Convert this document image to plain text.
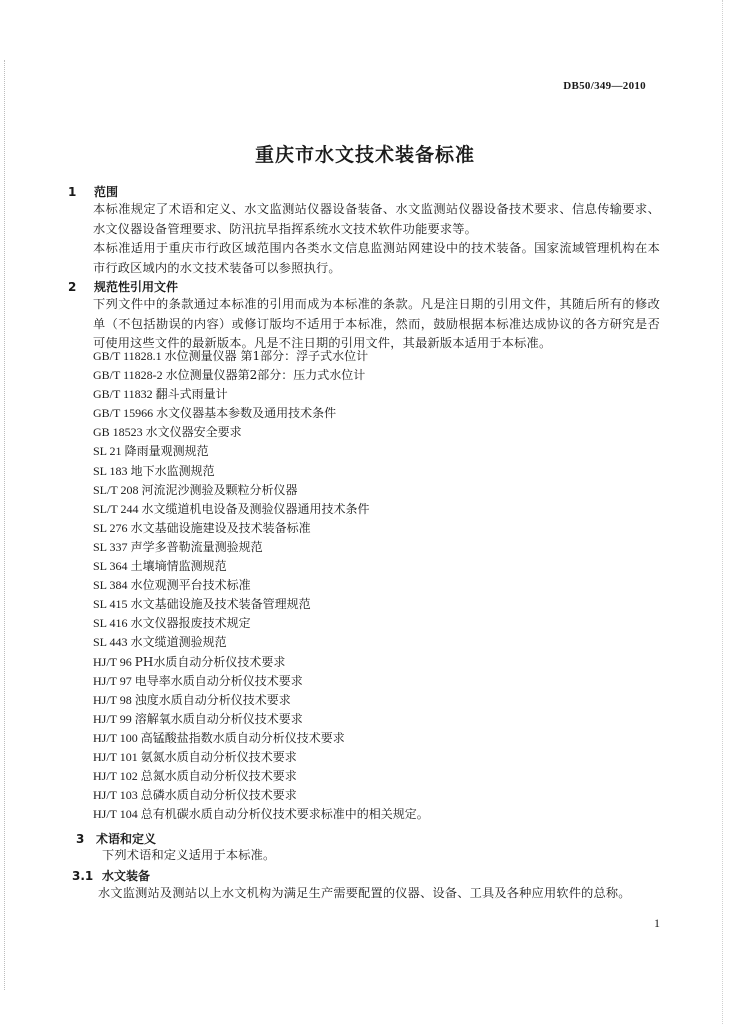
DB50/349—2010
重庆市水文技术装备标准
1 范围
本标准规定了术语和定义、水文监测站仪器设备装备、水文监测站仪器设备技术要求、信息传输要求、水文仪器设备管理要求、防汛抗旱指挥系统水文技术软件功能要求等。
本标准适用于重庆市行政区域范围内各类水文信息监测站网建设中的技术装备。国家流域管理机构在本市行政区域内的水文技术装备可以参照执行。
2 规范性引用文件
下列文件中的条款通过本标准的引用而成为本标准的条款。凡是注日期的引用文件，其随后所有的修改单（不包括勘误的内容）或修订版均不适用于本标准，然而，鼓励根据本标准达成协议的各方研究是否可使用这些文件的最新版本。凡是不注日期的引用文件，其最新版本适用于本标准。
GB/T 11828.1 水位测量仪器 第1部分：浮子式水位计
GB/T 11828-2 水位测量仪器第2部分：压力式水位计
GB/T 11832 翻斗式雨量计
GB/T 15966 水文仪器基本参数及通用技术条件
GB 18523 水文仪器安全要求
SL 21 降雨量观测规范
SL 183 地下水监测规范
SL/T 208 河流泥沙测验及颗粒分析仪器
SL/T 244 水文缆道机电设备及测验仪器通用技术条件
SL 276 水文基础设施建设及技术装备标准
SL 337 声学多普勒流量测验规范
SL 364 土壤墒情监测规范
SL 384 水位观测平台技术标准
SL 415 水文基础设施及技术装备管理规范
SL 416 水文仪器报废技术规定
SL 443 水文缆道测验规范
HJ/T 96 PH水质自动分析仪技术要求
HJ/T 97 电导率水质自动分析仪技术要求
HJ/T 98 浊度水质自动分析仪技术要求
HJ/T 99 溶解氧水质自动分析仪技术要求
HJ/T 100 高锰酸盐指数水质自动分析仪技术要求
HJ/T 101 氨氮水质自动分析仪技术要求
HJ/T 102 总氮水质自动分析仪技术要求
HJ/T 103 总磷水质自动分析仪技术要求
HJ/T 104 总有机碳水质自动分析仪技术要求标准中的相关规定。
3 术语和定义
下列术语和定义适用于本标准。
3.1 水文装备
水文监测站及测站以上水文机构为满足生产需要配置的仪器、设备、工具及各种应用软件的总称。
1
